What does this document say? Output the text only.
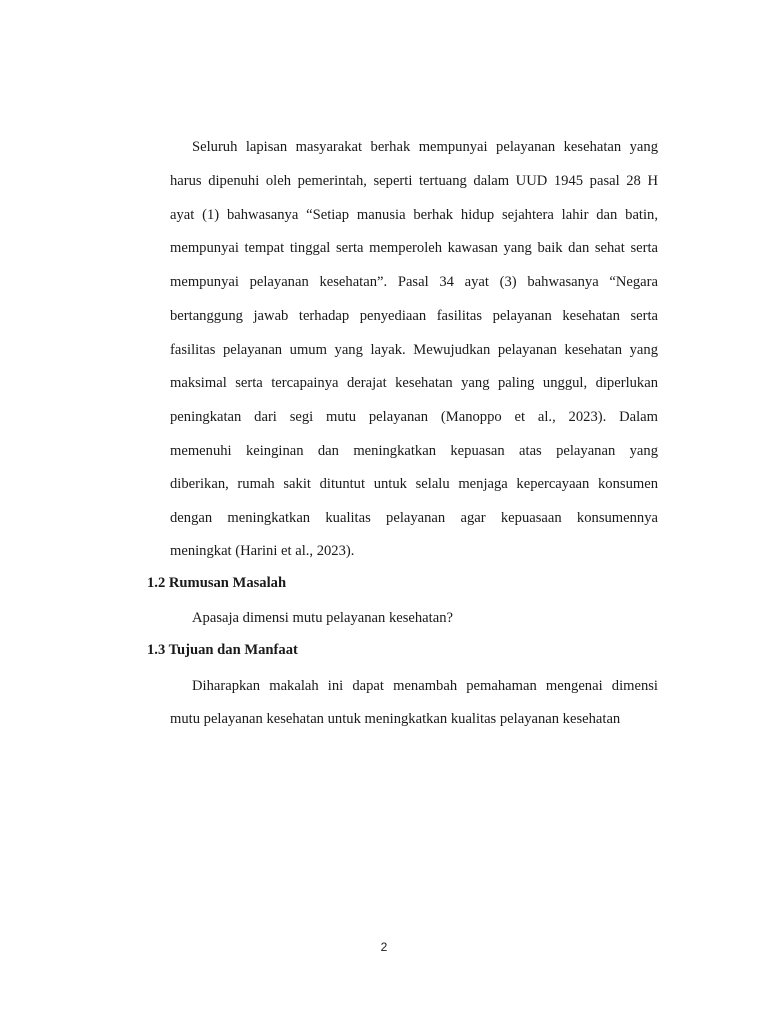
Seluruh lapisan masyarakat berhak mempunyai pelayanan kesehatan yang
harus dipenuhi oleh pemerintah, seperti tertuang dalam UUD 1945 pasal 28 H
ayat (1) bahwasanya “Setiap manusia berhak hidup sejahtera lahir dan batin,
mempunyai tempat tinggal serta memperoleh kawasan yang baik dan sehat serta
mempunyai pelayanan kesehatan”. Pasal 34 ayat (3) bahwasanya “Negara
bertanggung jawab terhadap penyediaan fasilitas pelayanan kesehatan serta
fasilitas pelayanan umum yang layak. Mewujudkan pelayanan kesehatan yang
maksimal serta tercapainya derajat kesehatan yang paling unggul, diperlukan
peningkatan dari segi mutu pelayanan (Manoppo et al., 2023). Dalam
memenuhi keinginan dan meningkatkan kepuasan atas pelayanan yang
diberikan, rumah sakit dituntut untuk selalu menjaga kepercayaan konsumen
dengan meningkatkan kualitas pelayanan agar kepuasaan konsumennya
meningkat (Harini et al., 2023).
1.2 Rumusan Masalah
Apasaja dimensi mutu pelayanan kesehatan?
1.3 Tujuan dan Manfaat
Diharapkan makalah ini dapat menambah pemahaman mengenai dimensi
mutu pelayanan kesehatan untuk meningkatkan kualitas pelayanan kesehatan
2
